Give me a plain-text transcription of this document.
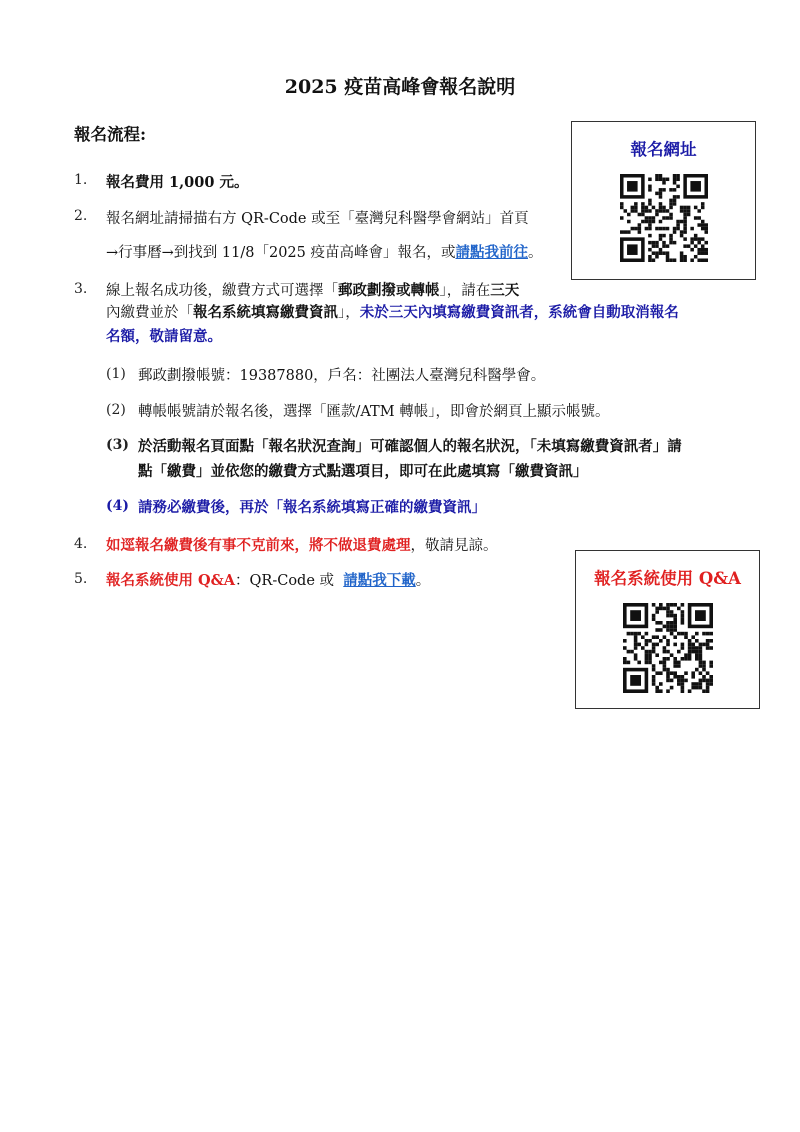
2025 疫苗高峰會報名說明
報名流程:
1. 報名費用 1,000 元。
2. 報名網址請掃描右方 QR-Code 或至「臺灣兒科醫學會網站」首頁
→行事曆→到找到 11/8「2025 疫苗高峰會」報名，或請點我前往。
3. 線上報名成功後，繳費方式可選擇「郵政劃撥或轉帳」，請在三天
內繳費並於「報名系統填寫繳費資訊」，未於三天內填寫繳費資訊者，系統會自動取消報名
名額，敬請留意。
(1) 郵政劃撥帳號：19387880，戶名：社團法人臺灣兒科醫學會。
(2) 轉帳帳號請於報名後，選擇「匯款/ATM 轉帳」，即會於網頁上顯示帳號。
(3) 於活動報名頁面點「報名狀況查詢」可確認個人的報名狀況，「未填寫繳費資訊者」請
點「繳費」並依您的繳費方式點選項目，即可在此處填寫「繳費資訊」
(4) 請務必繳費後，再於「報名系統填寫正確的繳費資訊」
4. 如逕報名繳費後有事不克前來，將不做退費處理，敬請見諒。
5. 報名系統使用 Q&A：QR-Code 或 請點我下載。
報名網址
報名系統使用 Q&A
